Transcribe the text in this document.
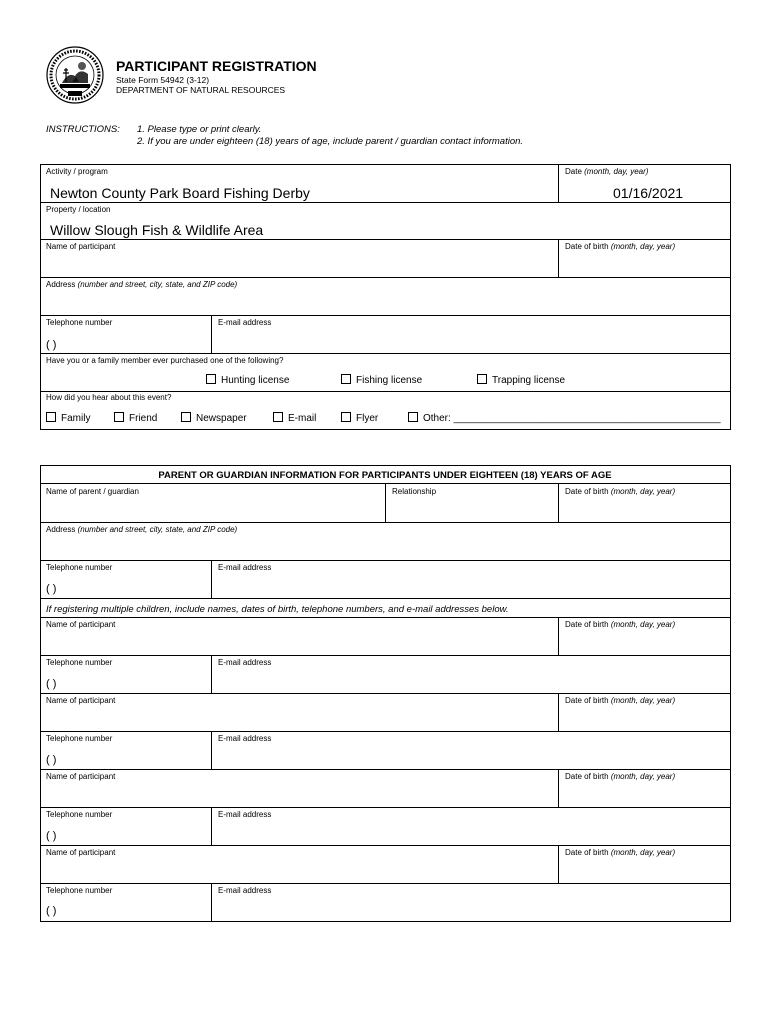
PARTICIPANT REGISTRATION
State Form 54942 (3-12)
DEPARTMENT OF NATURAL RESOURCES
INSTRUCTIONS: 1. Please type or print clearly.
2. If you are under eighteen (18) years of age, include parent / guardian contact information.
Activity / program
Newton County Park Board Fishing Derby
Date (month, day, year)
01/16/2021
Property / location
Willow Slough Fish & Wildlife Area
Name of participant	Date of birth (month, day, year)
Address (number and street, city, state, and ZIP code)
Telephone number
( )
E-mail address
Have you or a family member ever purchased one of the following?
Hunting license	Fishing license	Trapping license
How did you hear about this event?
Family	Friend	Newspaper	E-mail	Flyer	Other: ________________________________________________
PARENT OR GUARDIAN INFORMATION FOR PARTICIPANTS UNDER EIGHTEEN (18) YEARS OF AGE
Name of parent / guardian	Relationship	Date of birth (month, day, year)
Address (number and street, city, state, and ZIP code)
Telephone number
( )
E-mail address
If registering multiple children, include names, dates of birth, telephone numbers, and e-mail addresses below.
Name of participant	Date of birth (month, day, year)
Telephone number
( )
E-mail address
Name of participant	Date of birth (month, day, year)
Telephone number
( )
E-mail address
Name of participant	Date of birth (month, day, year)
Telephone number
( )
E-mail address
Name of participant	Date of birth (month, day, year)
Telephone number
( )
E-mail address
